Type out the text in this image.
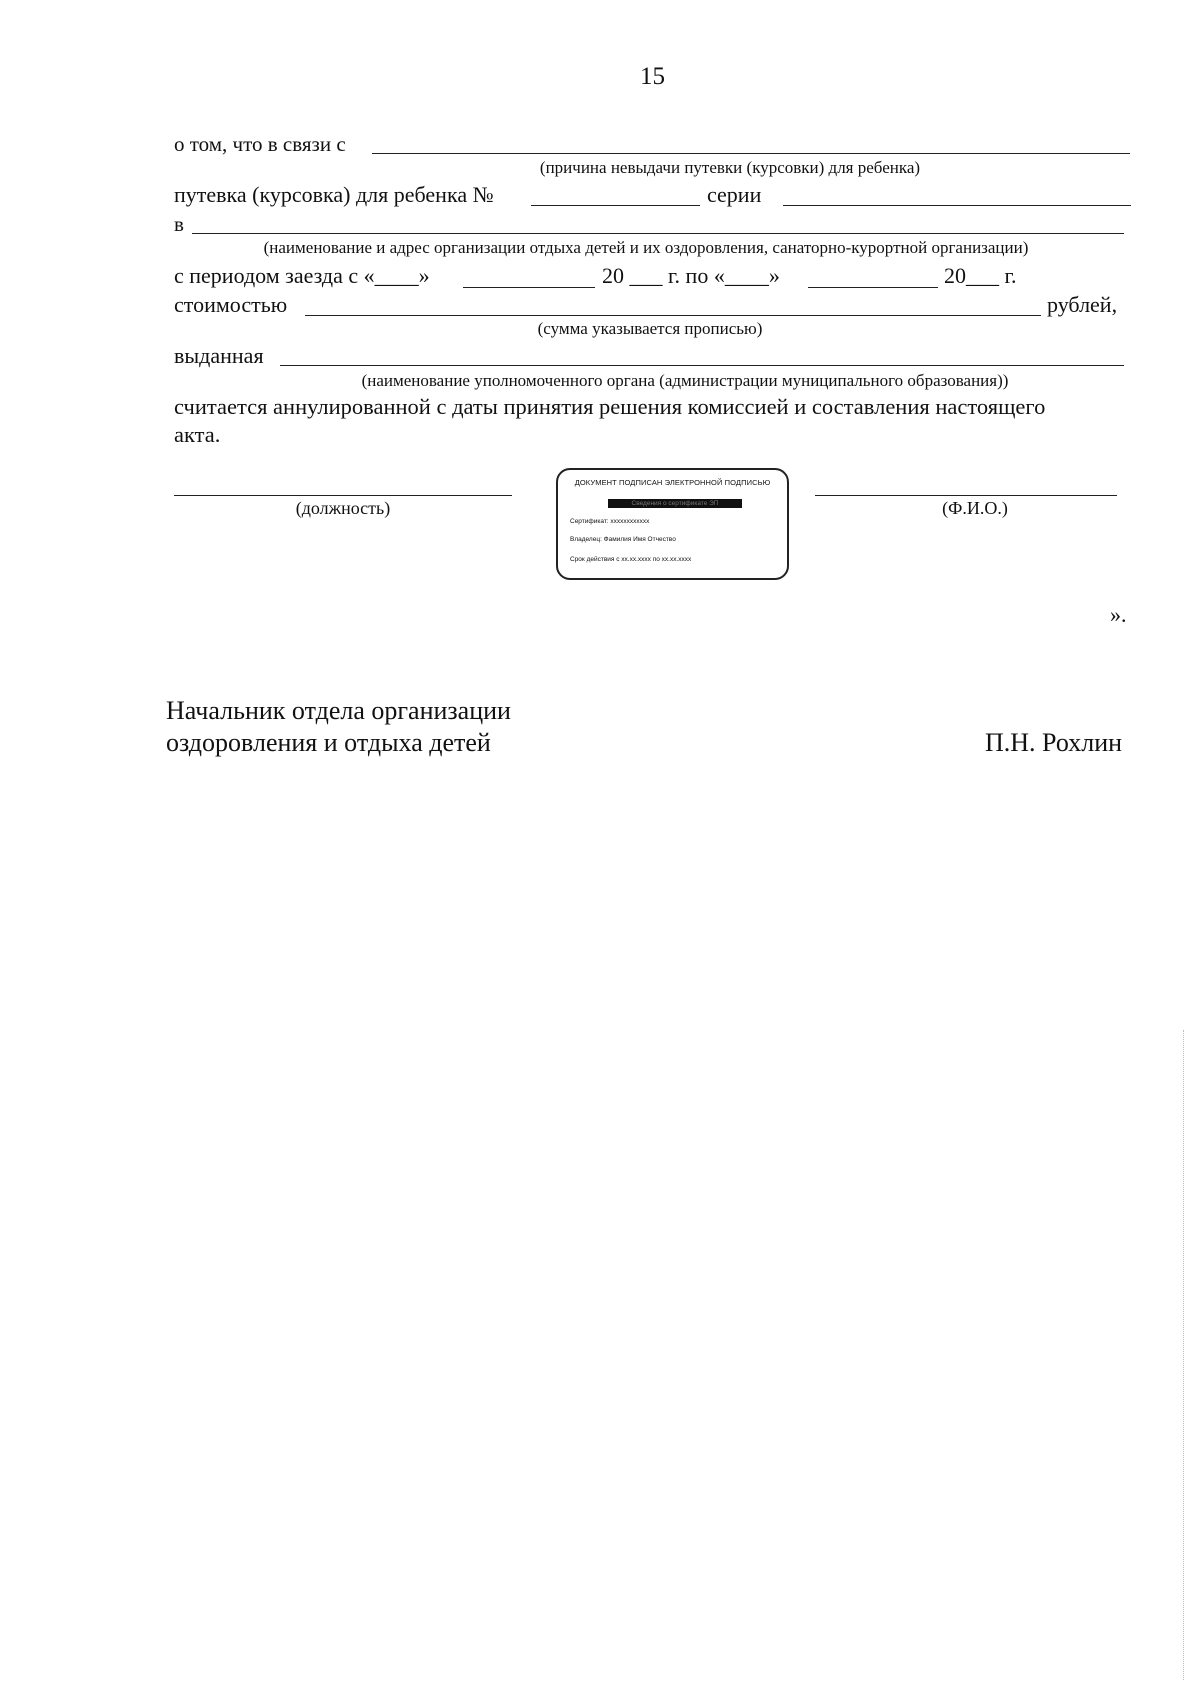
15
о том, что в связи с
(причина невыдачи путевки (курсовки) для ребенка)
путевка (курсовка) для ребенка №	серии
в
(наименование и адрес организации отдыха детей и их оздоровления, санаторно-курортной организации)
с периодом заезда с «____»	20 ___ г. по «____»	20___ г.
стоимостью	рублей,
(сумма указывается прописью)
выданная
(наименование уполномоченного органа (администрации муниципального образования))
считается аннулированной с даты принятия решения комиссией и составления настоящего
акта.
(должность)	(Ф.И.О.)
ДОКУМЕНТ ПОДПИСАН ЭЛЕКТРОННОЙ ПОДПИСЬЮ
Сведения о сертификате ЭП
Сертификат: хххххххххххх
Владелец: Фамилия Имя Отчество
Срок действия с хх.хх.хххх по хх.хх.хххх
».
Начальник отдела организации
оздоровления и отдыха детей	П.Н. Рохлин
